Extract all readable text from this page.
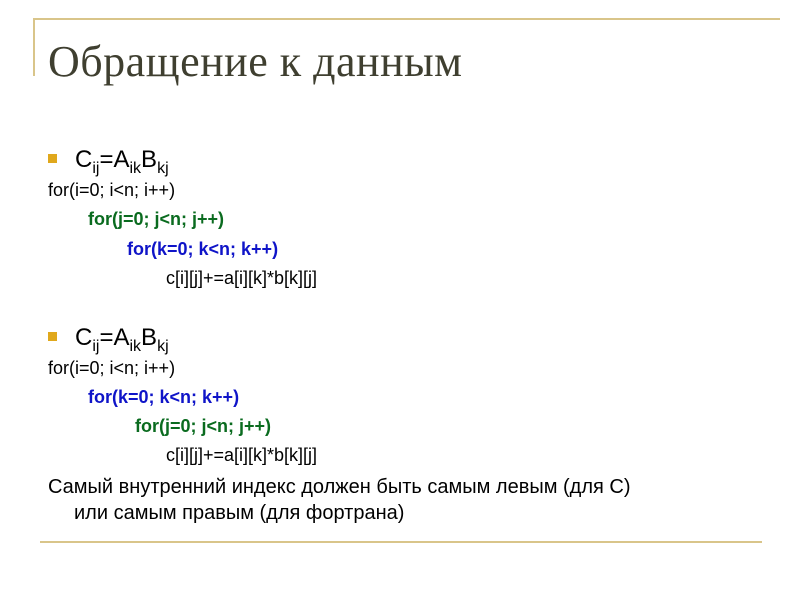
Обращение к данным
$C_{ij}=A_{ik}B_{kj}$
for(i=0; i<n; i++)
for(j=0; j<n; j++)
for(k=0; k<n; k++)
c[i][j]+=a[i][k]*b[k][j]
$C_{ij}=A_{ik}B_{kj}$
for(i=0; i<n; i++)
for(k=0; k<n; k++)
for(j=0; j<n; j++)
c[i][j]+=a[i][k]*b[k][j]
Самый внутренний индекс должен быть самым левым (для С)
или самым правым (для фортрана)
